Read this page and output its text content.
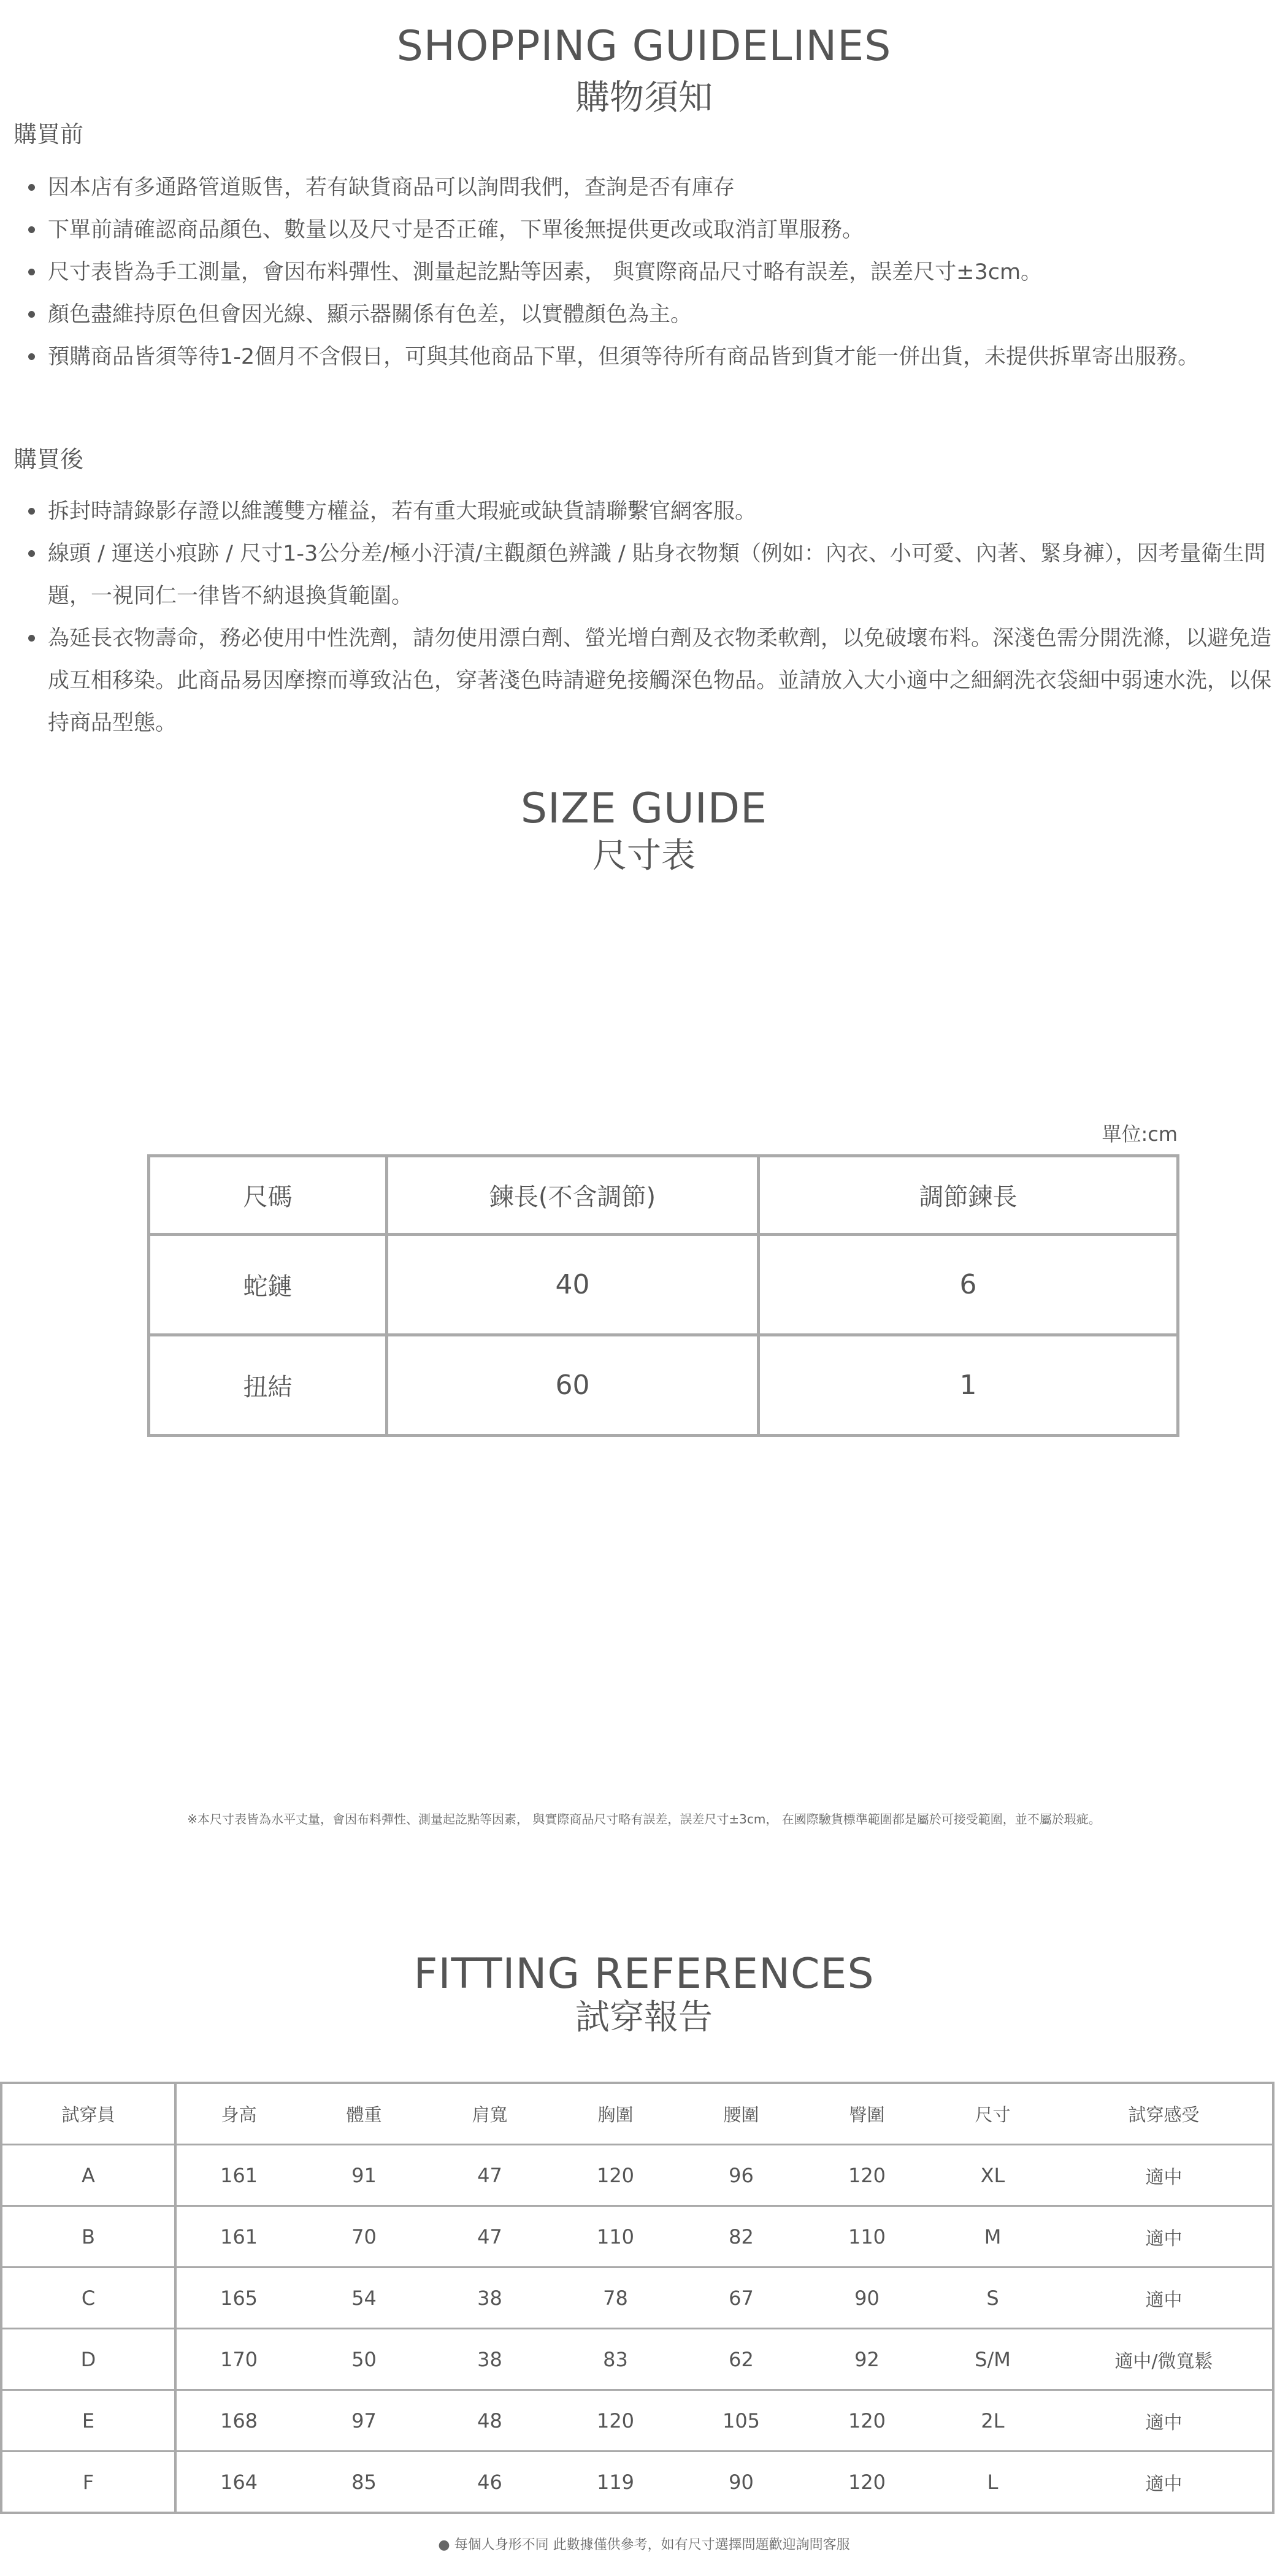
SHOPPING GUIDELINES
購物須知
購買前
因本店有多通路管道販售，若有缺貨商品可以詢問我們，查詢是否有庫存
下單前請確認商品顏色、數量以及尺寸是否正確，下單後無提供更改或取消訂單服務。
尺寸表皆為手工測量，會因布料彈性、測量起訖點等因素， 與實際商品尺寸略有誤差，誤差尺寸±3cm。
顏色盡維持原色但會因光線、顯示器關係有色差，以實體顏色為主。
預購商品皆須等待1-2個月不含假日，可與其他商品下單，但須等待所有商品皆到貨才能一併出貨，未提供拆單寄出服務。
購買後
拆封時請錄影存證以維護雙方權益，若有重大瑕疵或缺貨請聯繫官網客服。
線頭 / 運送小痕跡 / 尺寸1-3公分差/極小汙漬/主觀顏色辨識 / 貼身衣物類（例如：內衣、小可愛、內著、緊身褲），因考量衛生問題，一視同仁一律皆不納退換貨範圍。
為延長衣物壽命，務必使用中性洗劑，請勿使用漂白劑、螢光增白劑及衣物柔軟劑，以免破壞布料。深淺色需分開洗滌，以避免造成互相移染。此商品易因摩擦而導致沾色，穿著淺色時請避免接觸深色物品。並請放入大小適中之細網洗衣袋細中弱速水洗，以保持商品型態。
SIZE GUIDE
尺寸表
單位:cm
尺碼	鍊長(不含調節)	調節鍊長
蛇鏈	40	6
扭結	60	1
※本尺寸表皆為水平丈量，會因布料彈性、測量起訖點等因素， 與實際商品尺寸略有誤差，誤差尺寸±3cm， 在國際驗貨標準範圍都是屬於可接受範圍，並不屬於瑕疵。
FITTING REFERENCES
試穿報告
試穿員	身高	體重	肩寬	胸圍	腰圍	臀圍	尺寸	試穿感受
A	161	91	47	120	96	120	XL	適中
B	161	70	47	110	82	110	M	適中
C	165	54	38	78	67	90	S	適中
D	170	50	38	83	62	92	S/M	適中/微寬鬆
E	168	97	48	120	105	120	2L	適中
F	164	85	46	119	90	120	L	適中
● 每個人身形不同 此數據僅供參考，如有尺寸選擇問題歡迎詢問客服
